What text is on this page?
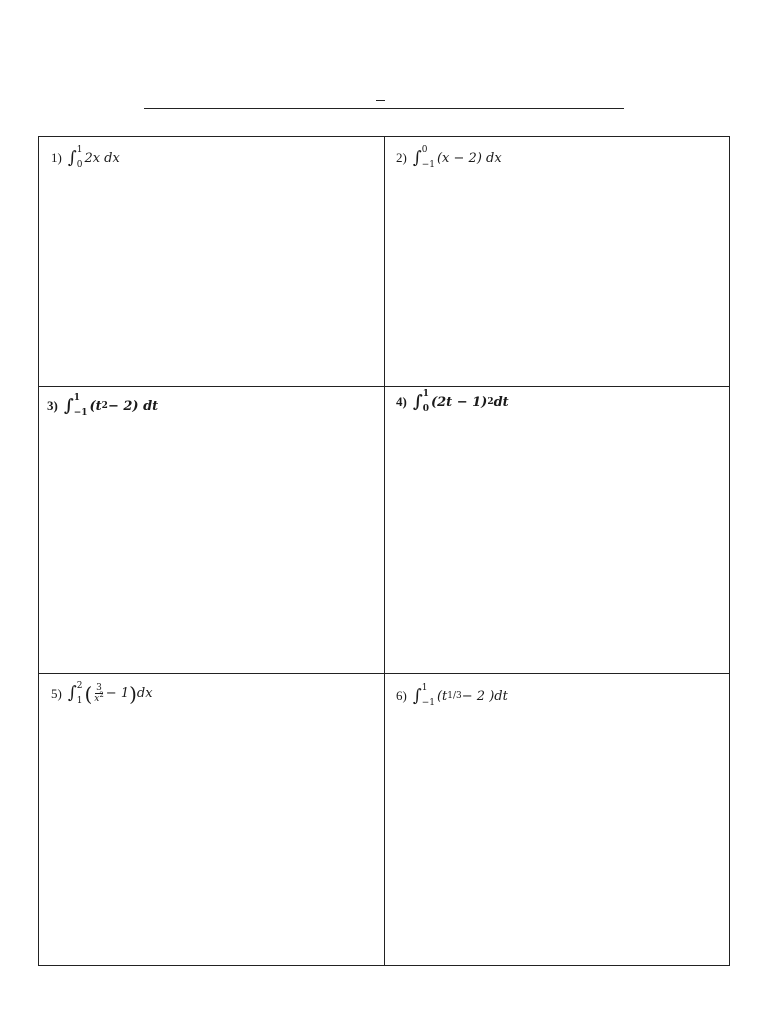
1) ∫ 1
0 2x dx	2) ∫ 0
−1 (x − 2) dx
3) ∫ 1
−1 (t 2 − 2) dt	4) ∫ 1
0 (2t − 1) 2 dt
5) ∫ 2
1 ( $\frac{3}{x^2} - 1$ ) dx	6) ∫ 1
−1 (t 1/3 − 2 )dt
